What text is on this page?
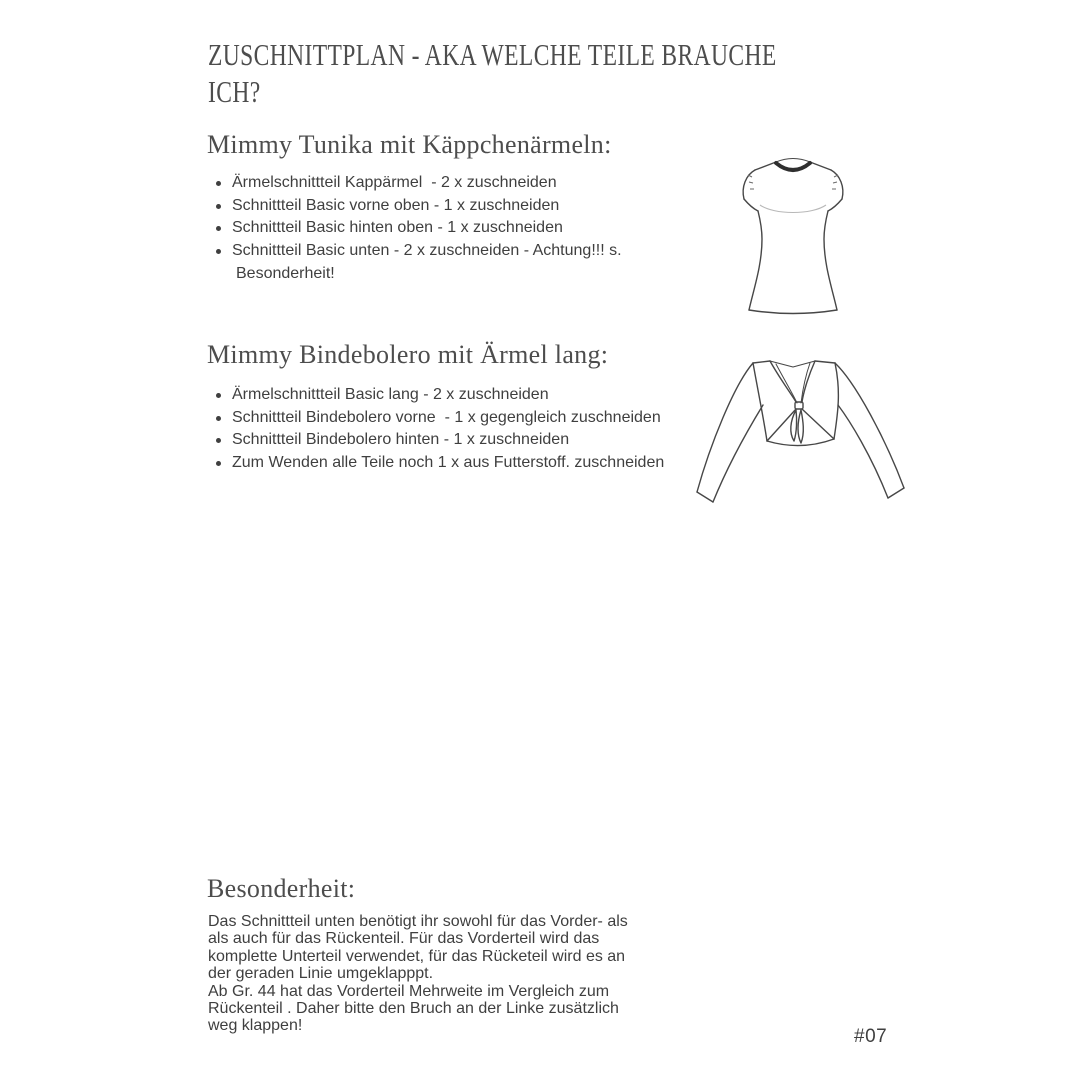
ZUSCHNITTPLAN - AKA WELCHE TEILE BRAUCHE
ICH?
Mimmy Tunika mit Käppchenärmeln:
Ärmelschnittteil Kappärmel  - 2 x zuschneiden
Schnittteil Basic vorne oben - 1 x zuschneiden
Schnittteil Basic hinten oben - 1 x zuschneiden
Schnittteil Basic unten - 2 x zuschneiden - Achtung!!! s.
Besonderheit!
Mimmy Bindebolero mit Ärmel lang:
Ärmelschnittteil Basic lang - 2 x zuschneiden
Schnittteil Bindebolero vorne  - 1 x gegengleich zuschneiden
Schnittteil Bindebolero hinten - 1 x zuschneiden
Zum Wenden alle Teile noch 1 x aus Futterstoff. zuschneiden
Besonderheit:
Das Schnittteil unten benötigt ihr sowohl für das Vorder- als
als auch für das Rückenteil. Für das Vorderteil wird das
komplette Unterteil verwendet, für das Rücketeil wird es an
der geraden Linie umgeklapppt.
Ab Gr. 44 hat das Vorderteil Mehrweite im Vergleich zum
Rückenteil . Daher bitte den Bruch an der Linke zusätzlich
weg klappen!
#07
